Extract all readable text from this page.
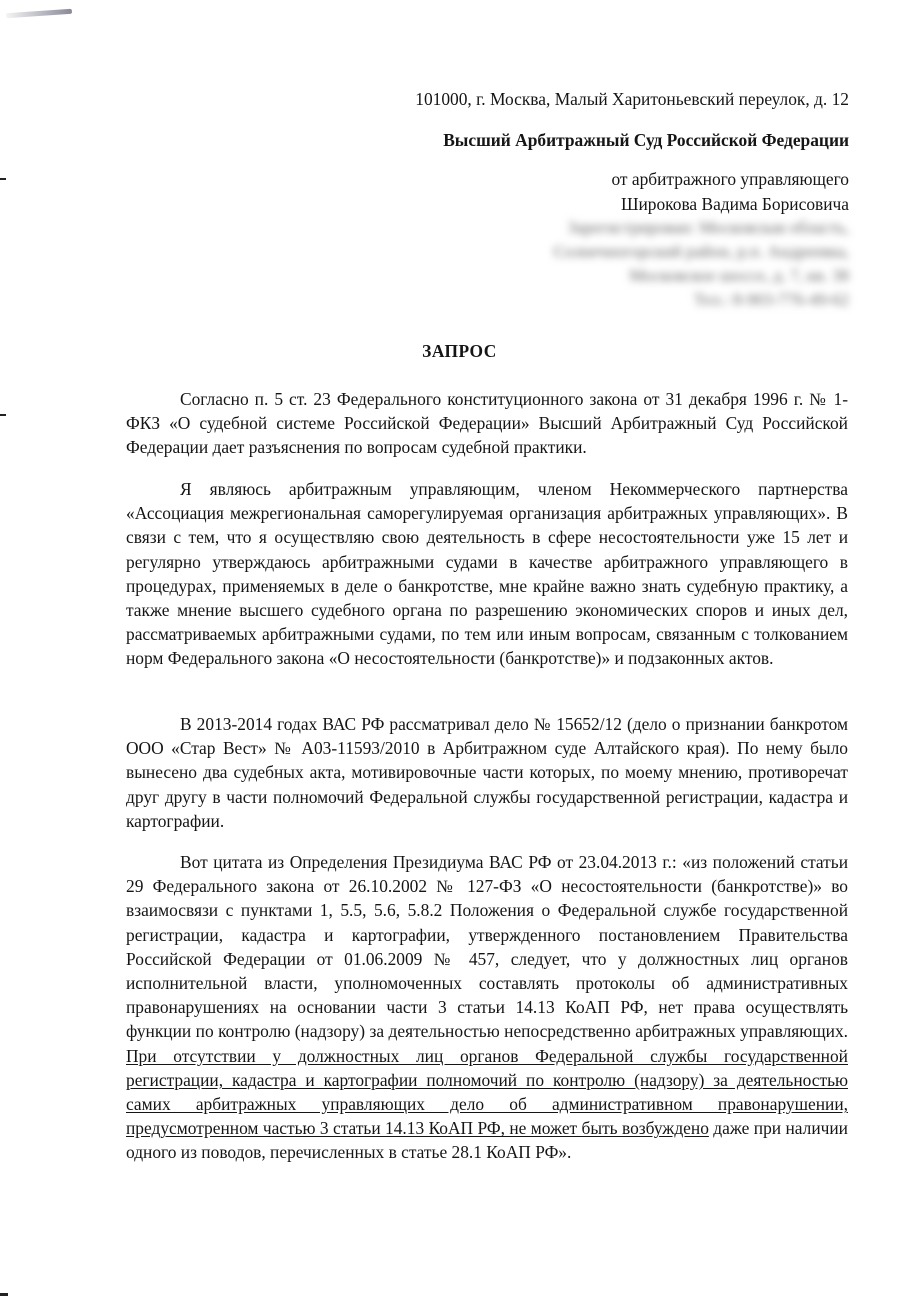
101000, г. Москва, Малый Харитоньевский переулок, д. 12
Высший Арбитражный Суд Российской Федерации
от арбитражного управляющего
Широкова Вадима Борисовича
Зарегистрирован: Московская область,
Солнечногорский район, р.п. Андреевка,
Московское шоссе, д. 7, кв. 38
Тел.: 8-903-776-49-62
ЗАПРОС
Согласно п. 5 ст. 23 Федерального конституционного закона от 31 декабря 1996 г. № 1-ФКЗ «О судебной системе Российской Федерации» Высший Арбитражный Суд Российской Федерации дает разъяснения по вопросам судебной практики.
Я являюсь арбитражным управляющим, членом Некоммерческого партнерства «Ассоциация межрегиональная саморегулируемая организация арбитражных управляющих». В связи с тем, что я осуществляю свою деятельность в сфере несостоятельности уже 15 лет и регулярно утверждаюсь арбитражными судами в качестве арбитражного управляющего в процедурах, применяемых в деле о банкротстве, мне крайне важно знать судебную практику, а также мнение высшего судебного органа по разрешению экономических споров и иных дел, рассматриваемых арбитражными судами, по тем или иным вопросам, связанным с толкованием норм Федерального закона «О несостоятельности (банкротстве)» и подзаконных актов.
В 2013-2014 годах ВАС РФ рассматривал дело № 15652/12 (дело о признании банкротом ООО «Стар Вест» № А03-11593/2010 в Арбитражном суде Алтайского края). По нему было вынесено два судебных акта, мотивировочные части которых, по моему мнению, противоречат друг другу в части полномочий Федеральной службы государственной регистрации, кадастра и картографии.
Вот цитата из Определения Президиума ВАС РФ от 23.04.2013 г.: «из положений статьи 29 Федерального закона от 26.10.2002 № 127-ФЗ «О несостоятельности (банкротстве)» во взаимосвязи с пунктами 1, 5.5, 5.6, 5.8.2 Положения о Федеральной службе государственной регистрации, кадастра и картографии, утвержденного постановлением Правительства Российской Федерации от 01.06.2009 № 457, следует, что у должностных лиц органов исполнительной власти, уполномоченных составлять протоколы об административных правонарушениях на основании части 3 статьи 14.13 КоАП РФ, нет права осуществлять функции по контролю (надзору) за деятельностью непосредственно арбитражных управляющих. При отсутствии у должностных лиц органов Федеральной службы государственной регистрации, кадастра и картографии полномочий по контролю (надзору) за деятельностью самих арбитражных управляющих дело об административном правонарушении, предусмотренном частью 3 статьи 14.13 КоАП РФ, не может быть возбуждено даже при наличии одного из поводов, перечисленных в статье 28.1 КоАП РФ».
